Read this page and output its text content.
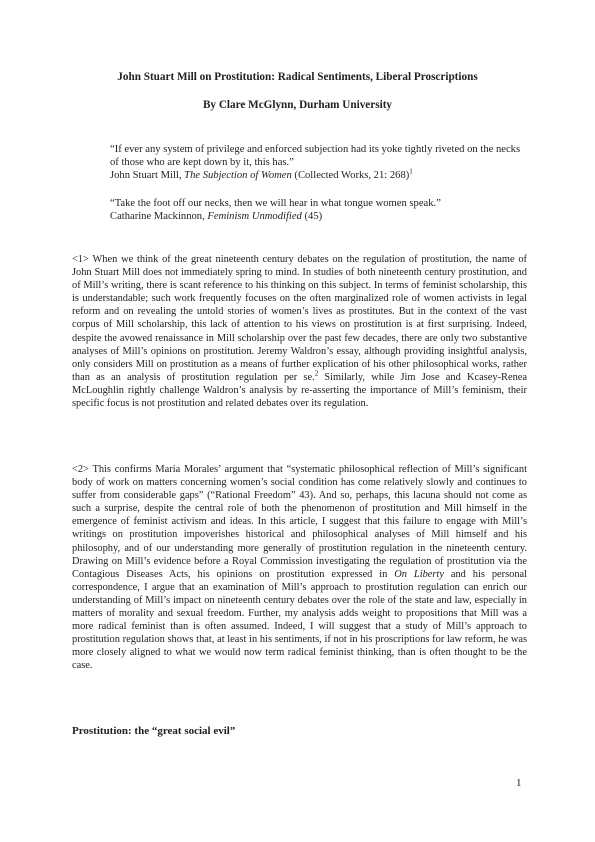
John Stuart Mill on Prostitution: Radical Sentiments, Liberal Proscriptions
By Clare McGlynn, Durham University

“If ever any system of privilege and enforced subjection had its yoke tightly riveted on the necks of those who are kept down by it, this has.”

John Stuart Mill, The Subjection of Women (Collected Works, 21: 268)$^1$

“Take the foot off our necks, then we will hear in what tongue women speak.”

Catharine Mackinnon, Feminism Unmodified (45)

<1> When we think of the great nineteenth century debates on the regulation of prostitution, the name of John Stuart Mill does not immediately spring to mind. In studies of both nineteenth century prostitution, and of Mill’s writing, there is scant reference to his thinking on this subject. In terms of feminist scholarship, this is understandable; such work frequently focuses on the often marginalized role of women activists in legal reform and on revealing the untold stories of women’s lives as prostitutes. But in the context of the vast corpus of Mill scholarship, this lack of attention to his views on prostitution is at first surprising. Indeed, despite the avowed renaissance in Mill scholarship over the past few decades, there are only two substantive analyses of Mill’s opinions on prostitution. Jeremy Waldron’s essay, although providing insightful analysis, only considers Mill on prostitution as a means of further explication of his other philosophical works, rather than as an analysis of prostitution regulation per se.$^2$ Similarly, while Jim Jose and Kcasey-Renea McLoughlin rightly challenge Waldron’s analysis by re-asserting the importance of Mill’s feminism, their specific focus is not prostitution and related debates over its regulation.

<2> This confirms Maria Morales’ argument that “systematic philosophical reflection of Mill’s significant body of work on matters concerning women’s social condition has come relatively slowly and continues to suffer from considerable gaps” (“Rational Freedom” 43). And so, perhaps, this lacuna should not come as such a surprise, despite the central role of both the phenomenon of prostitution and Mill himself in the emergence of feminist activism and ideas. In this article, I suggest that this failure to engage with Mill’s writings on prostitution impoverishes historical and philosophical analyses of Mill himself and his philosophy, and of our understanding more generally of prostitution regulation in the nineteenth century. Drawing on Mill’s evidence before a Royal Commission investigating the regulation of prostitution via the Contagious Diseases Acts, his opinions on prostitution expressed in On Liberty and his personal correspondence, I argue that an examination of Mill’s approach to prostitution regulation can enrich our understanding of Mill’s impact on nineteenth century debates over the role of the state and law, especially in matters of morality and sexual freedom. Further, my analysis adds weight to propositions that Mill was a more radical feminist than is often assumed. Indeed, I will suggest that a study of Mill’s approach to prostitution regulation shows that, at least in his sentiments, if not in his proscriptions for law reform, he was more closely aligned to what we would now term radical feminist thinking, than is often thought to be the case.

Prostitution: the “great social evil”
1
